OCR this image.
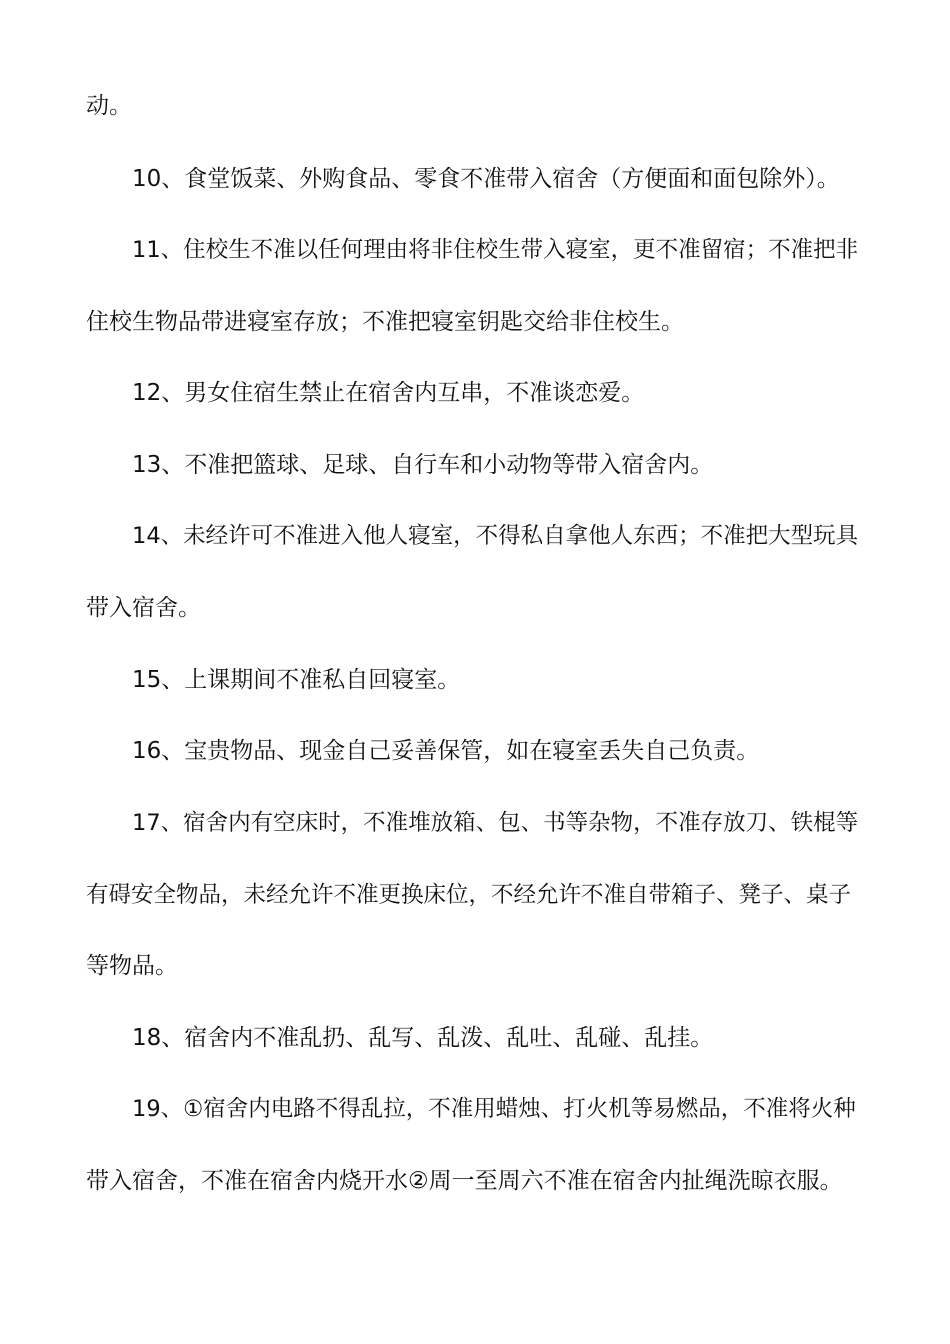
动。
10、食堂饭菜、外购食品、零食不准带入宿舍（方便面和面包除外）。
11、住校生不准以任何理由将非住校生带入寝室，更不准留宿；不准把非
住校生物品带进寝室存放；不准把寝室钥匙交给非住校生。
12、男女住宿生禁止在宿舍内互串，不准谈恋爱。
13、不准把篮球、足球、自行车和小动物等带入宿舍内。
14、未经许可不准进入他人寝室，不得私自拿他人东西；不准把大型玩具
带入宿舍。
15、上课期间不准私自回寝室。
16、宝贵物品、现金自己妥善保管，如在寝室丢失自己负责。
17、宿舍内有空床时，不准堆放箱、包、书等杂物，不准存放刀、铁棍等
有碍安全物品，未经允许不准更换床位，不经允许不准自带箱子、凳子、桌子
等物品。
18、宿舍内不准乱扔、乱写、乱泼、乱吐、乱碰、乱挂。
19、①宿舍内电路不得乱拉，不准用蜡烛、打火机等易燃品，不准将火种
带入宿舍，不准在宿舍内烧开水②周一至周六不准在宿舍内扯绳洗晾衣服。
